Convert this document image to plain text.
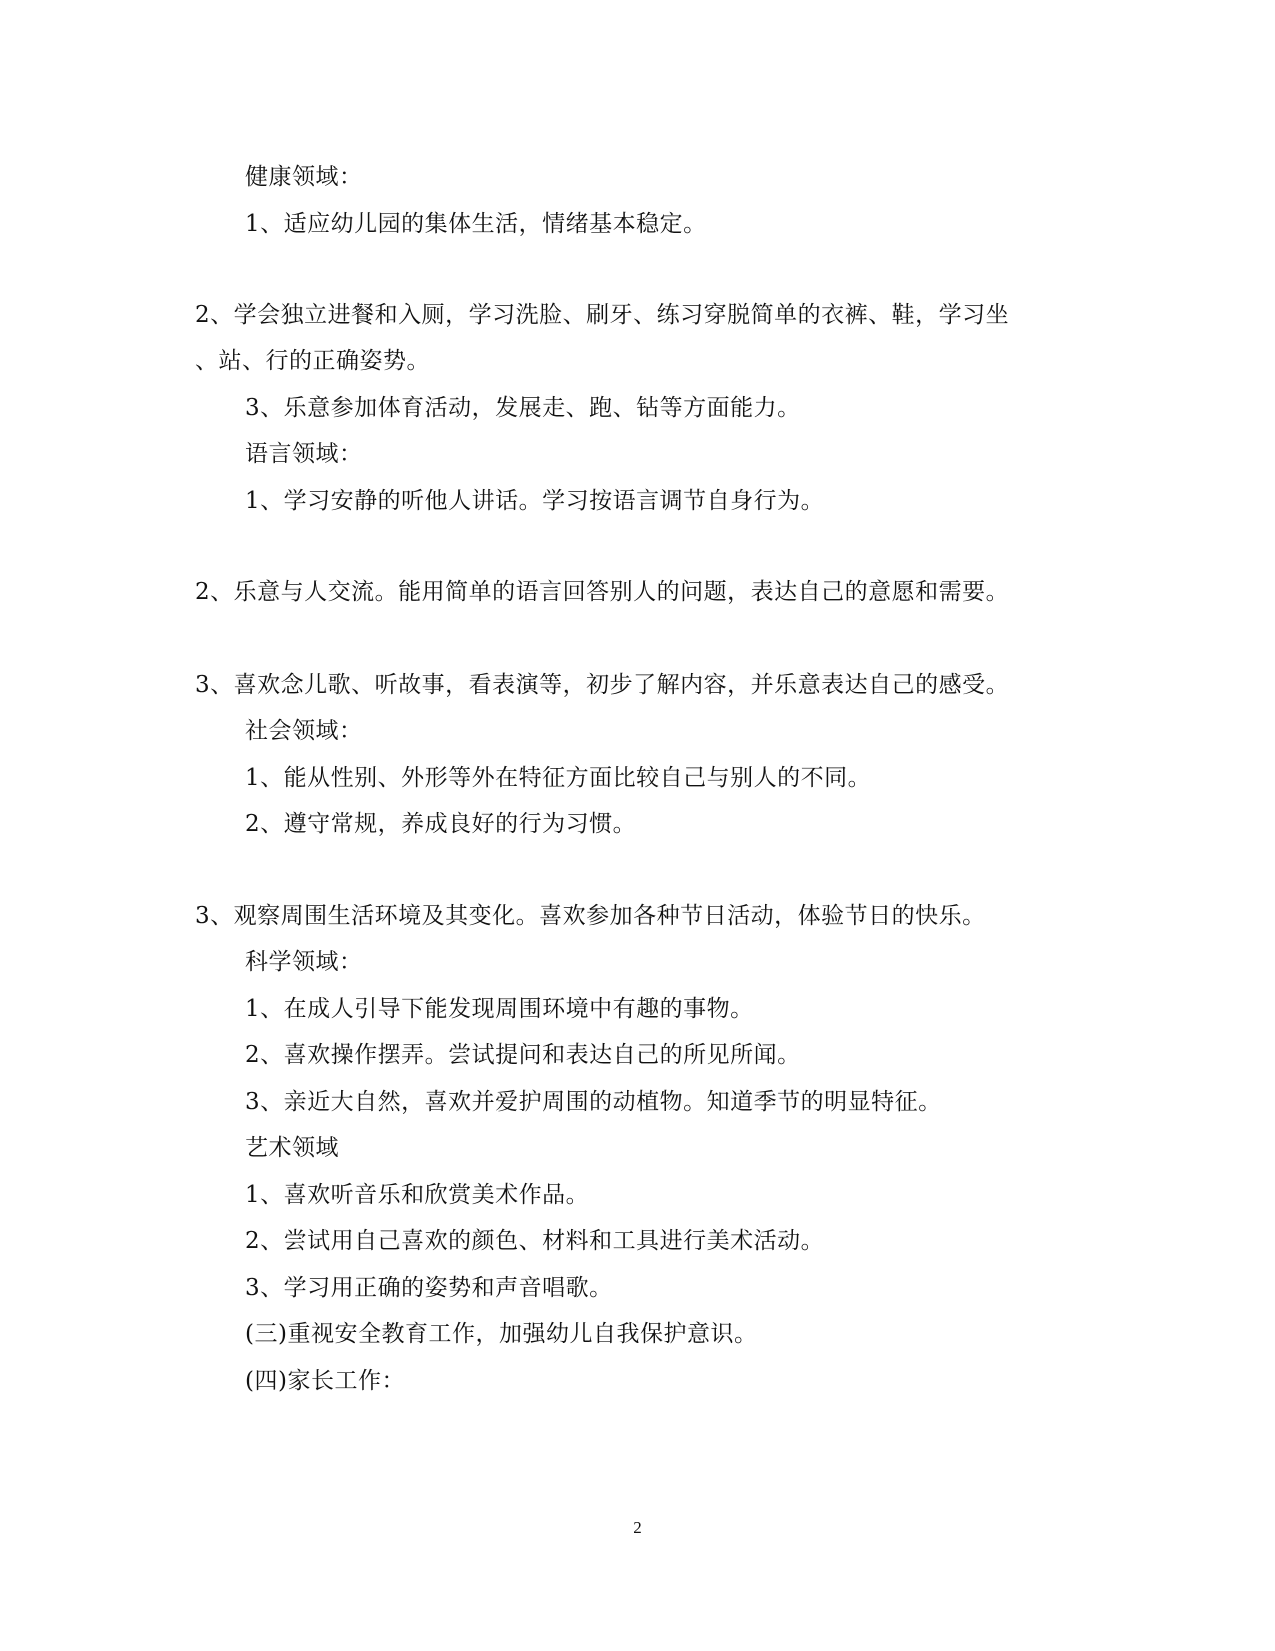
健康领域：
1、适应幼儿园的集体生活，情绪基本稳定。
2、学会独立进餐和入厕，学习洗脸、刷牙、练习穿脱简单的衣裤、鞋，学习坐
、站、行的正确姿势。
3、乐意参加体育活动，发展走、跑、钻等方面能力。
语言领域：
1、学习安静的听他人讲话。学习按语言调节自身行为。
2、乐意与人交流。能用简单的语言回答别人的问题，表达自己的意愿和需要。
3、喜欢念儿歌、听故事，看表演等，初步了解内容，并乐意表达自己的感受。
社会领域：
1、能从性别、外形等外在特征方面比较自己与别人的不同。
2、遵守常规，养成良好的行为习惯。
3、观察周围生活环境及其变化。喜欢参加各种节日活动，体验节日的快乐。
科学领域：
1、在成人引导下能发现周围环境中有趣的事物。
2、喜欢操作摆弄。尝试提问和表达自己的所见所闻。
3、亲近大自然，喜欢并爱护周围的动植物。知道季节的明显特征。
艺术领域
1、喜欢听音乐和欣赏美术作品。
2、尝试用自己喜欢的颜色、材料和工具进行美术活动。
3、学习用正确的姿势和声音唱歌。
(三)重视安全教育工作，加强幼儿自我保护意识。
(四)家长工作：
2
